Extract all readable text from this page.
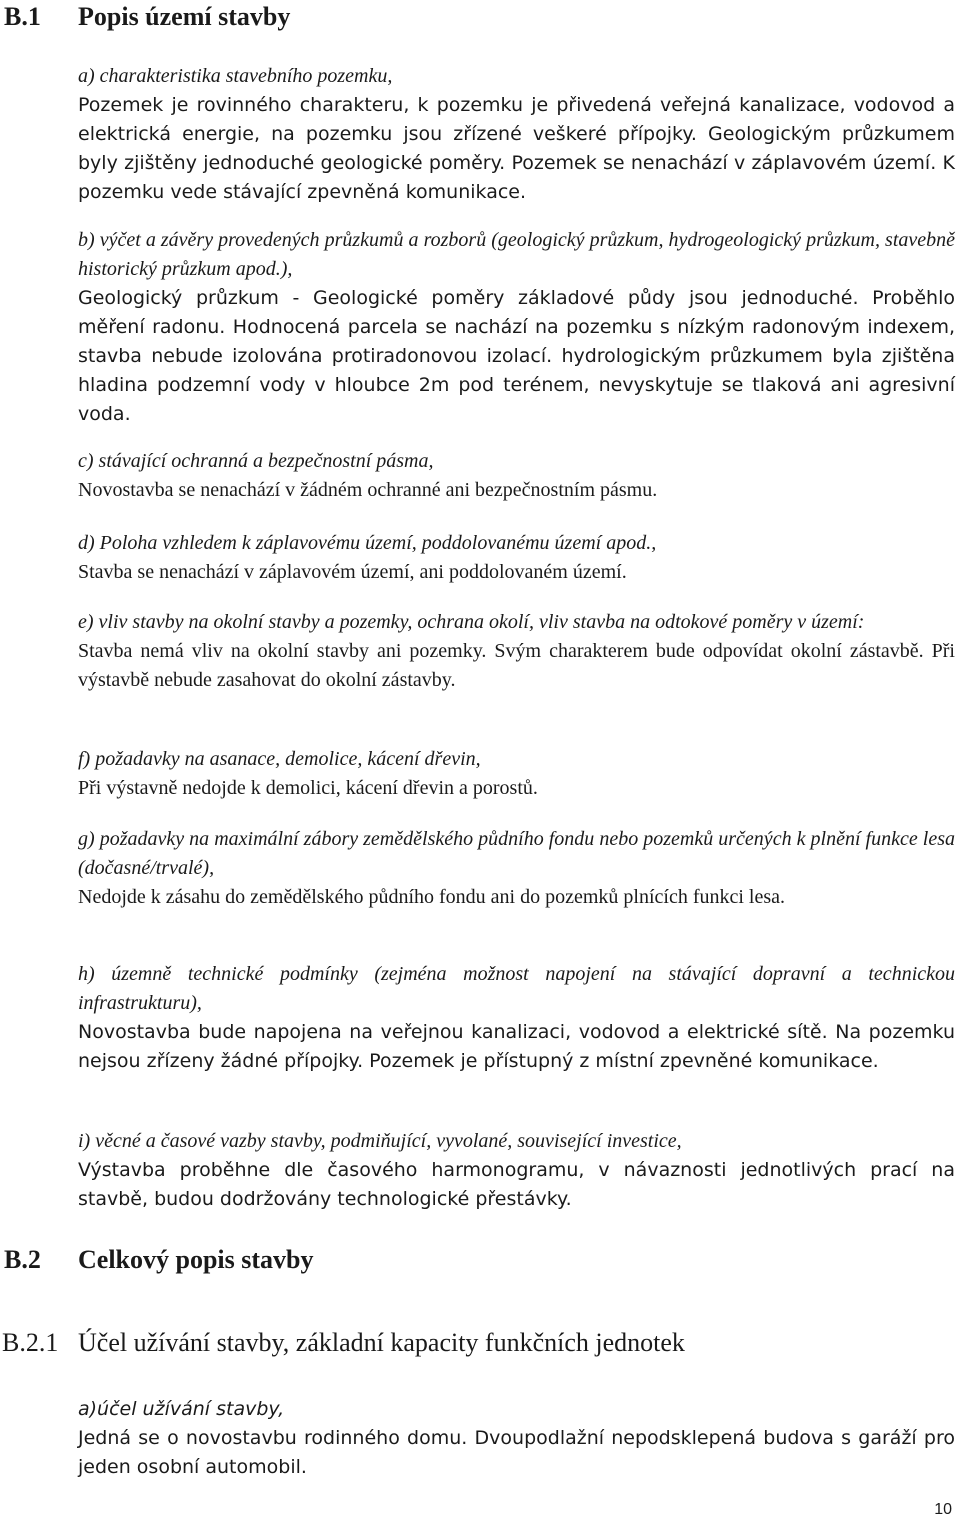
B.1 Popis území stavby

a) charakteristika stavebního pozemku,

Pozemek je rovinného charakteru, k pozemku je přivedená veřejná kanalizace, vodovod a elektrická energie, na pozemku jsou zřízené veškeré přípojky. Geologickým průzkumem byly zjištěny jednoduché geologické poměry. Pozemek se nenachází v záplavovém území. K pozemku vede stávající zpevněná komunikace.

b) výčet a závěry provedených průzkumů a rozborů (geologický průzkum, hydrogeologický průzkum, stavebně historický průzkum apod.),

Geologický průzkum - Geologické poměry základové půdy jsou jednoduché. Proběhlo měření radonu. Hodnocená parcela se nachází na pozemku s nízkým radonovým indexem, stavba nebude izolována protiradonovou izolací. hydrologickým průzkumem byla zjištěna hladina podzemní vody v hloubce 2m pod terénem, nevyskytuje se tlaková ani agresivní voda.

c) stávající ochranná a bezpečnostní pásma,

Novostavba se nenachází v žádném ochranné ani bezpečnostním pásmu.

d) Poloha vzhledem k záplavovému území, poddolovanému území apod.,

Stavba se nenachází v záplavovém území, ani poddolovaném území.

e) vliv stavby na okolní stavby a pozemky, ochrana okolí, vliv stavba na odtokové poměry v území:

Stavba nemá vliv na okolní stavby ani pozemky. Svým charakterem bude odpovídat okolní zástavbě. Při výstavbě nebude zasahovat do okolní zástavby.

f) požadavky na asanace, demolice, kácení dřevin,

Při výstavně nedojde k demolici, kácení dřevin a porostů.

g) požadavky na maximální zábory zemědělského půdního fondu nebo pozemků určených k plnění funkce lesa (dočasné/trvalé),

Nedojde k zásahu do zemědělského půdního fondu ani do pozemků plnících funkci lesa.

h) územně technické podmínky (zejména možnost napojení na stávající dopravní a technickou infrastrukturu),

Novostavba bude napojena na veřejnou kanalizaci, vodovod a elektrické sítě. Na pozemku nejsou zřízeny žádné přípojky. Pozemek je přístupný z místní zpevněné komunikace.

i) věcné a časové vazby stavby, podmiňující, vyvolané, související investice,

Výstavba proběhne dle časového harmonogramu, v návaznosti jednotlivých prací na stavbě, budou dodržovány technologické přestávky.

B.2 Celkový popis stavby
B.2.1 Účel užívání stavby, základní kapacity funkčních jednotek

a)účel užívání stavby,

Jedná se o novostavbu rodinného domu. Dvoupodlažní nepodsklepená budova s garáží pro jeden osobní automobil.

10
